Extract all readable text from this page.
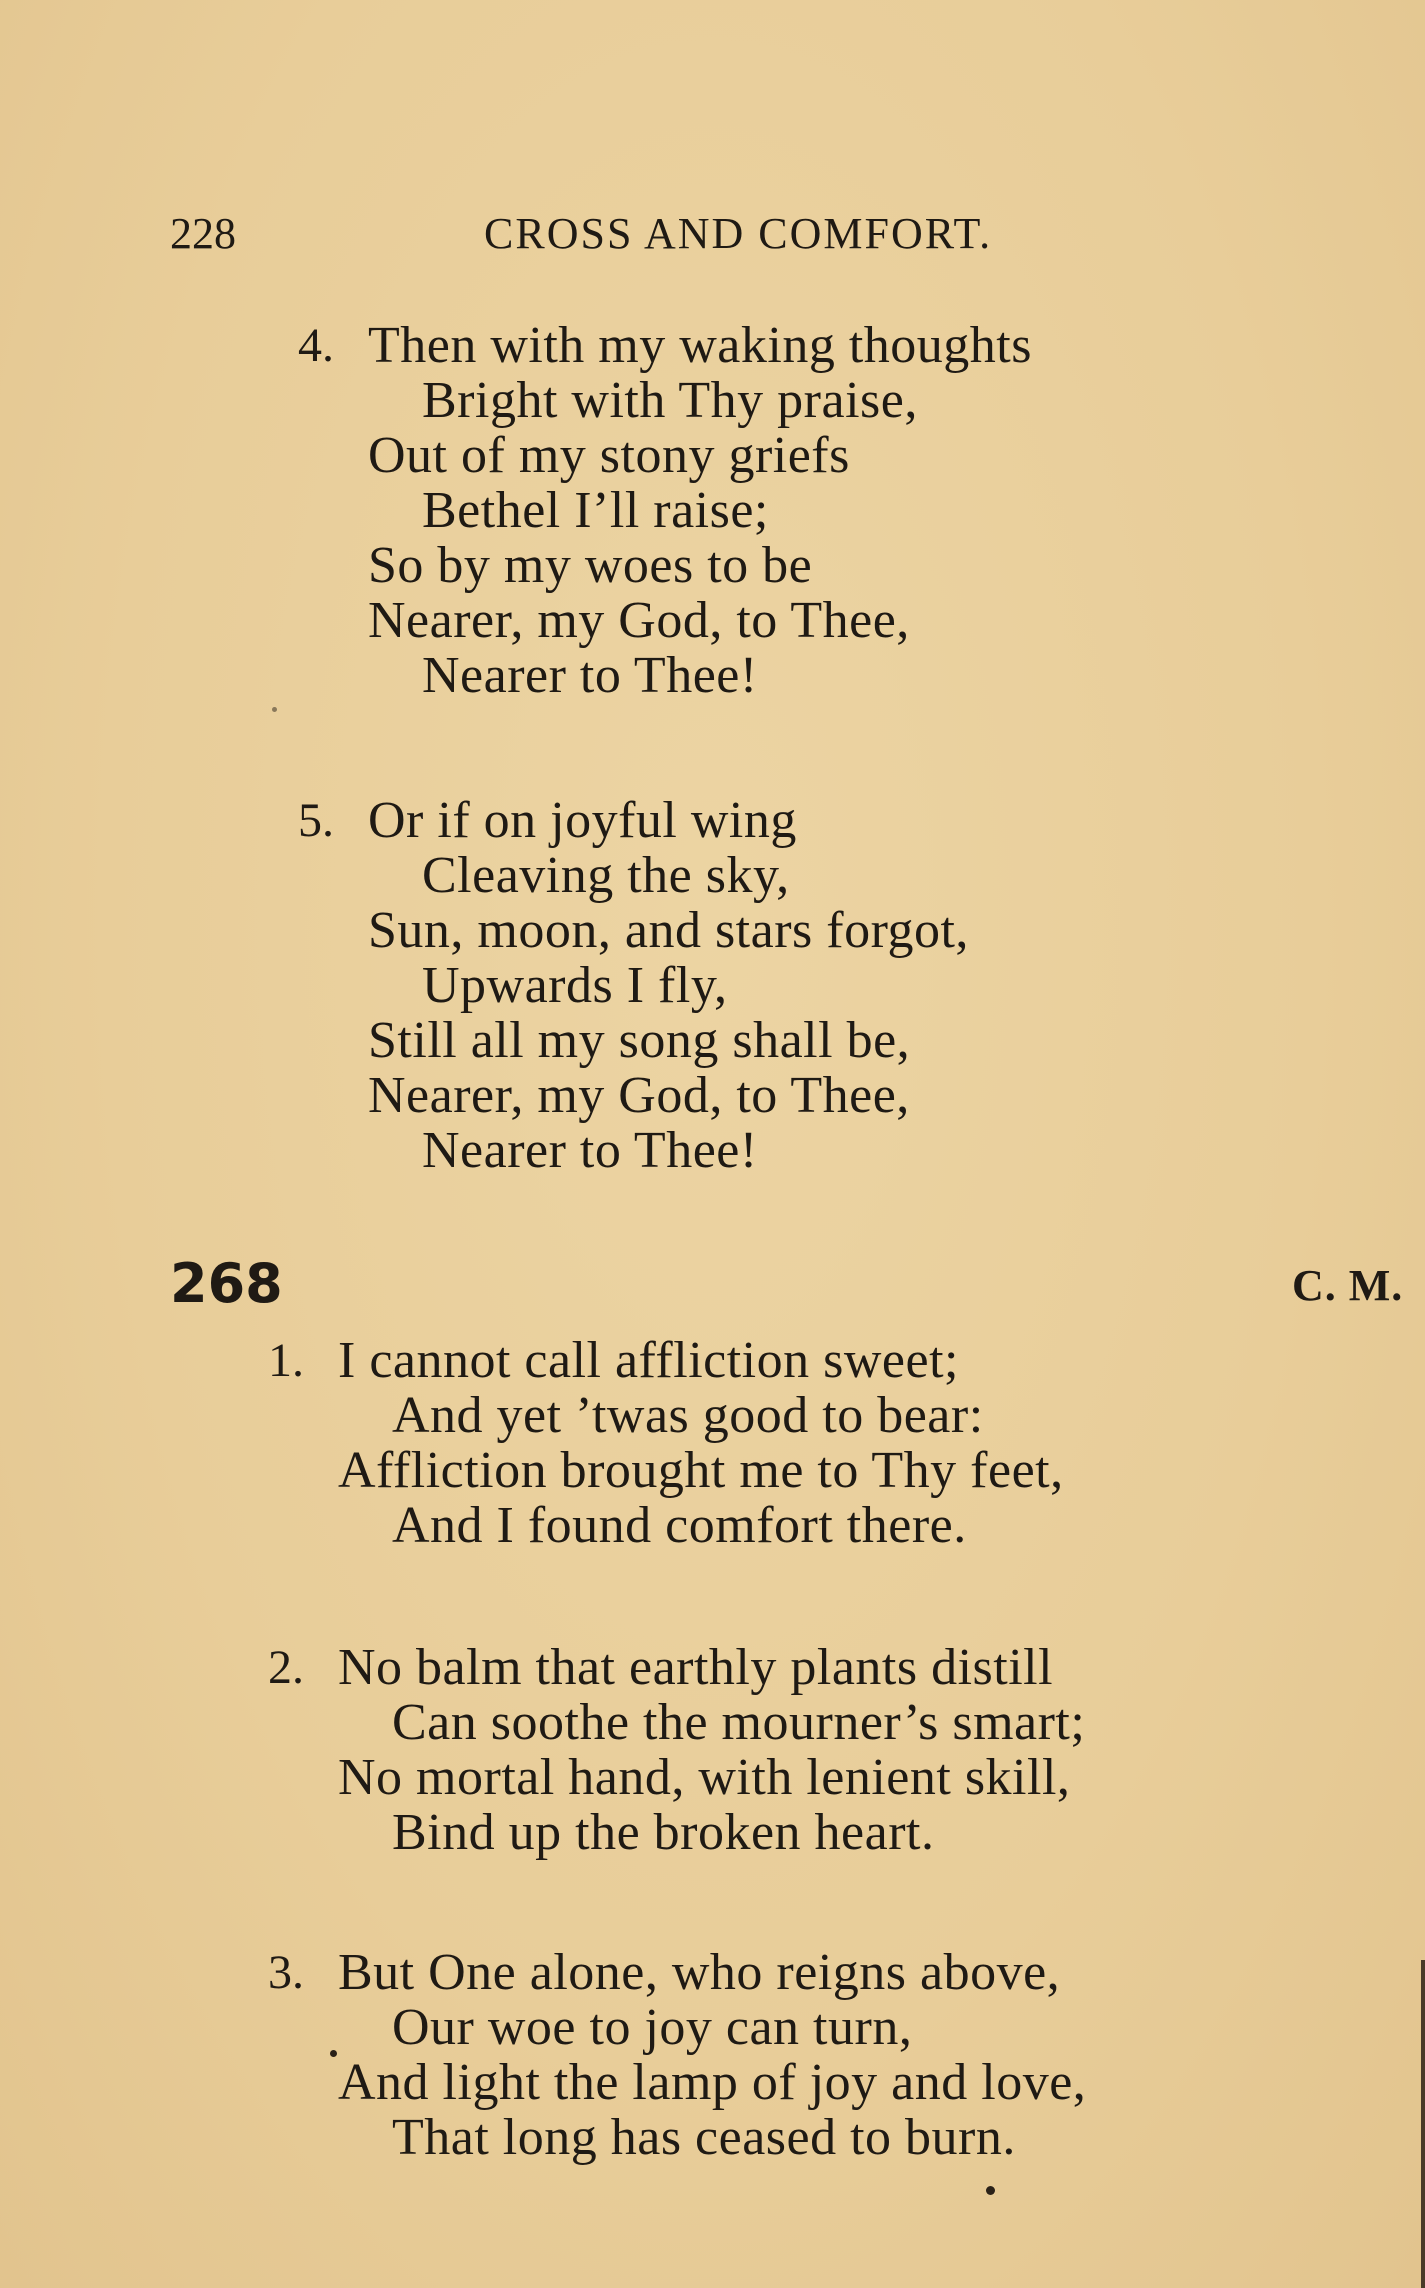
228	CROSS AND COMFORT.
4. Then with my waking thoughts
Bright with Thy praise,
Out of my stony griefs
Bethel I’ll raise;
So by my woes to be
Nearer, my God, to Thee,
Nearer to Thee!
5. Or if on joyful wing
Cleaving the sky,
Sun, moon, and stars forgot,
Upwards I fly,
Still all my song shall be,
Nearer, my God, to Thee,
Nearer to Thee!
268	C. M.
1. I cannot call affliction sweet;
And yet ’twas good to bear:
Affliction brought me to Thy feet,
And I found comfort there.
2. No balm that earthly plants distill
Can soothe the mourner’s smart;
No mortal hand, with lenient skill,
Bind up the broken heart.
3. But One alone, who reigns above,
Our woe to joy can turn,
And light the lamp of joy and love,
That long has ceased to burn.
